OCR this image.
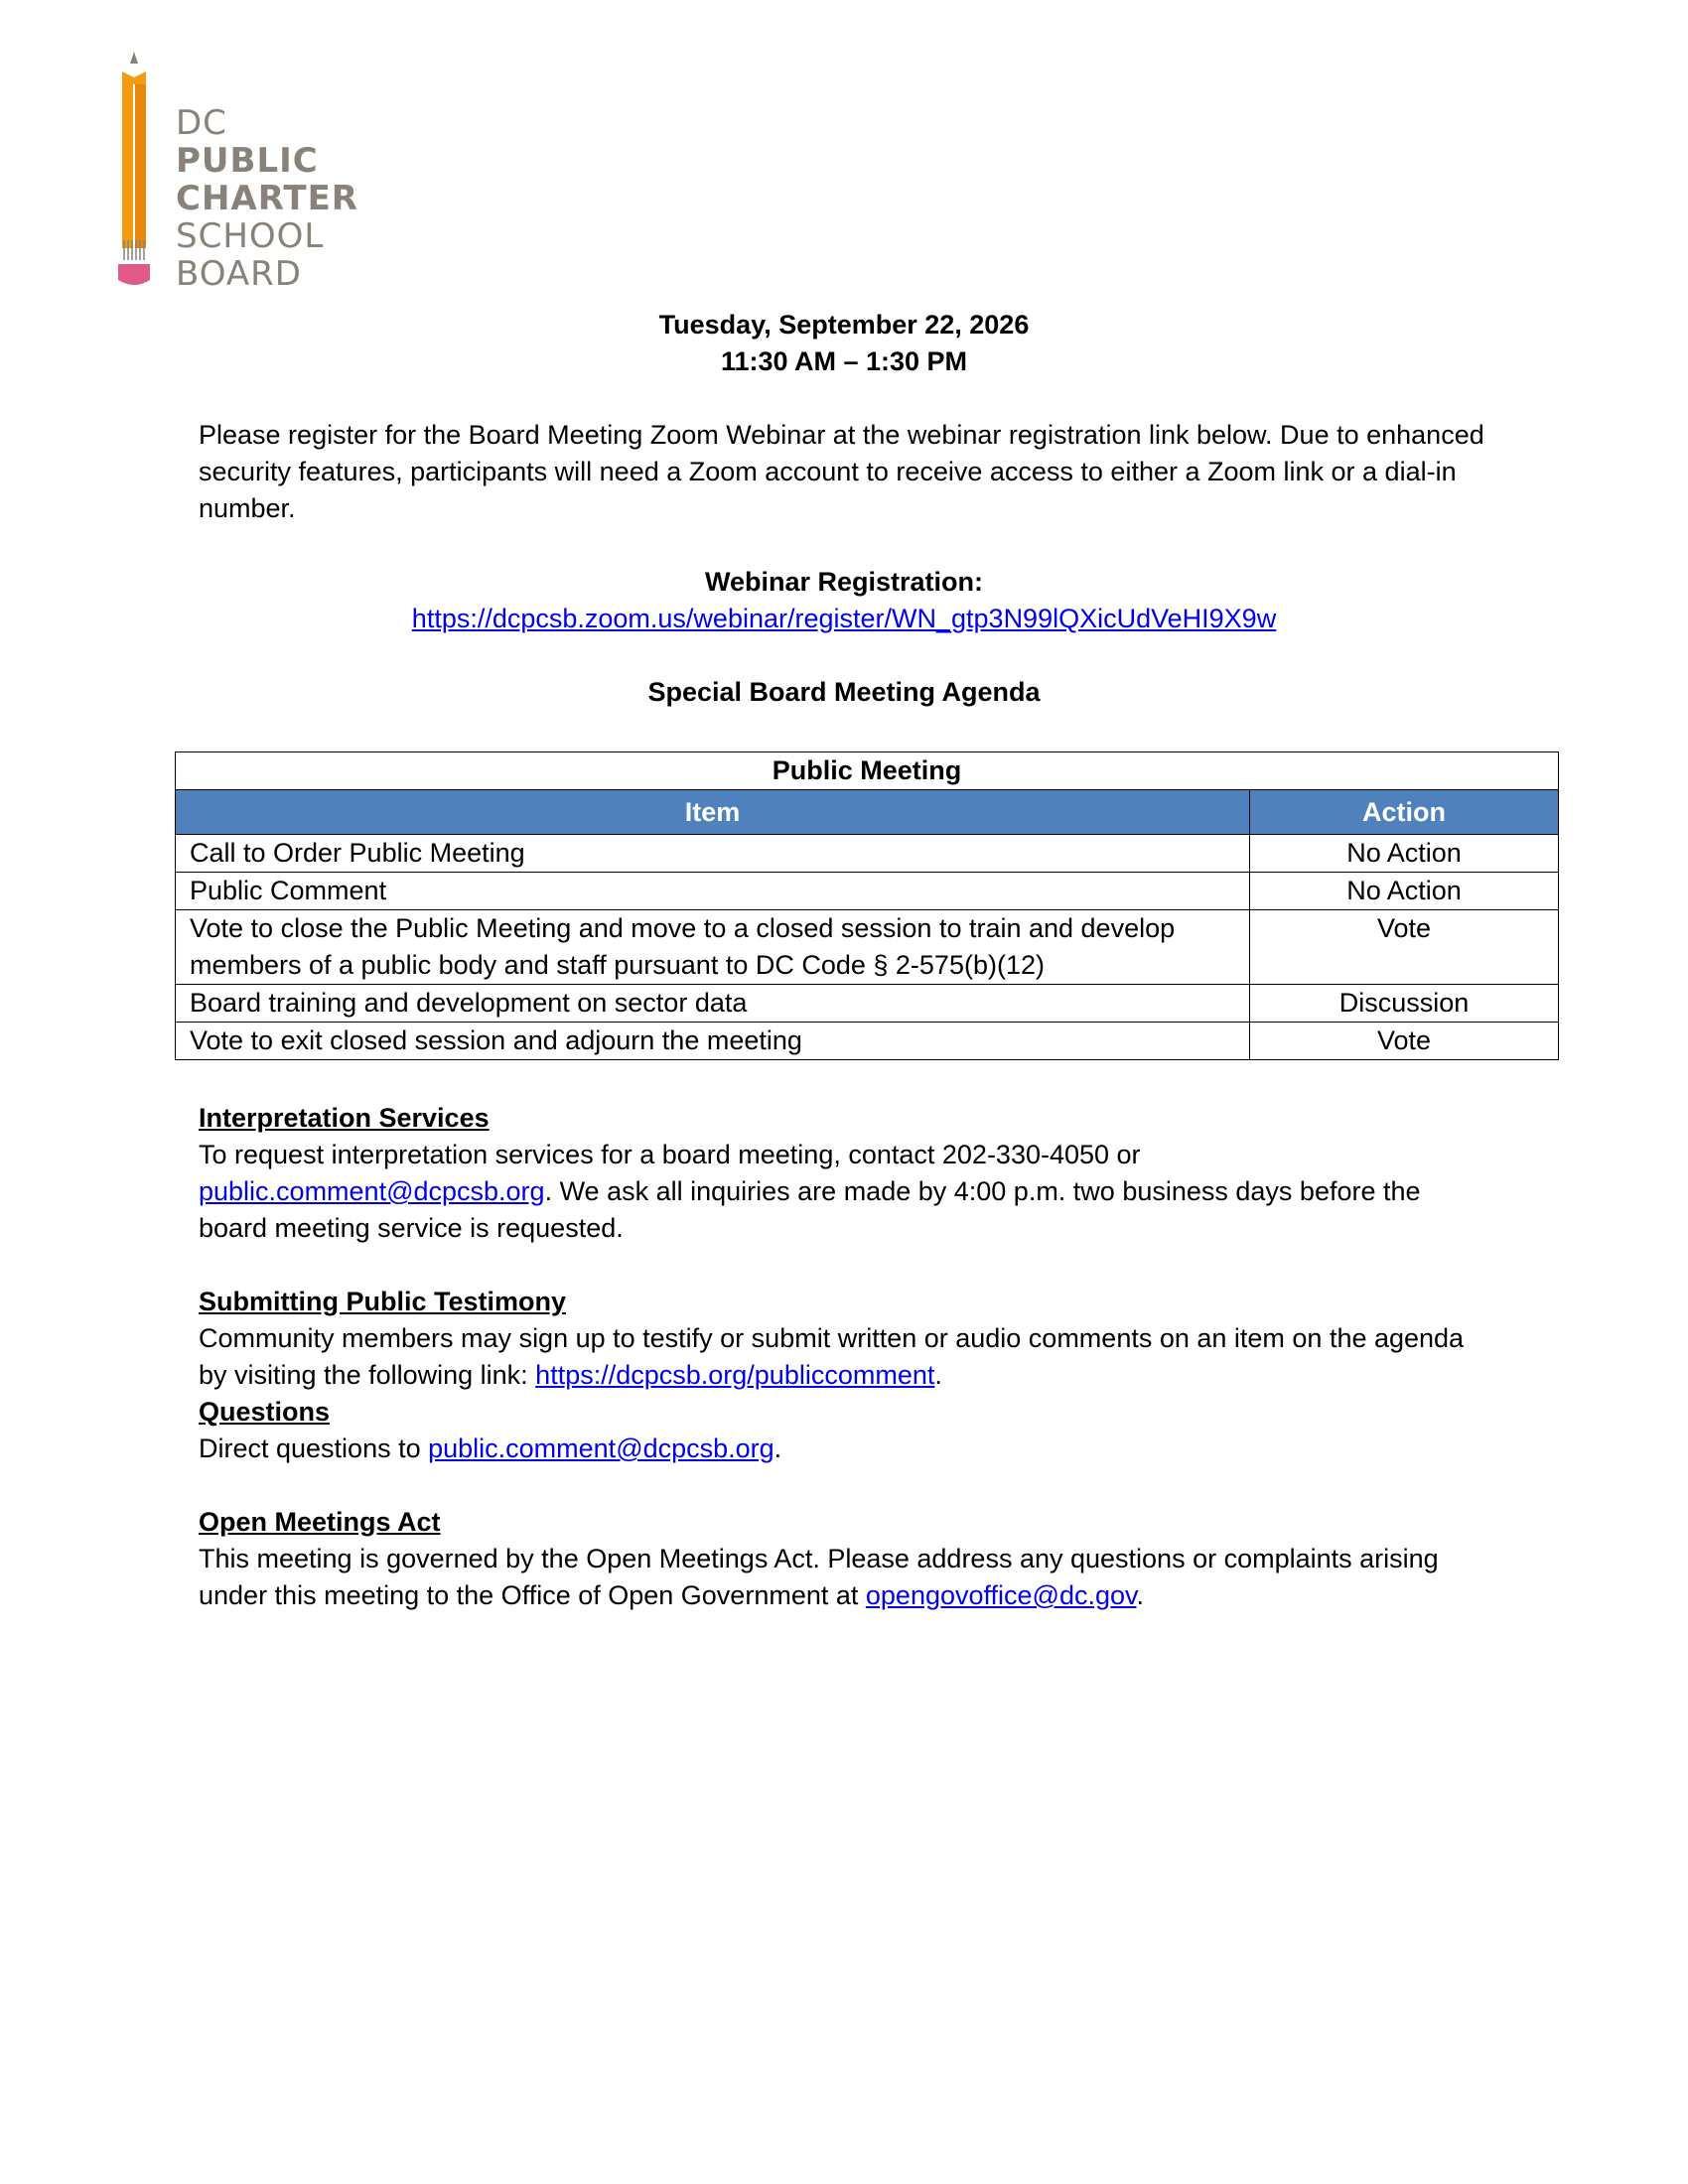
DC
PUBLIC
CHARTER
SCHOOL
BOARD
Tuesday, September 22, 2026
11:30 AM – 1:30 PM
Please register for the Board Meeting Zoom Webinar at the webinar registration link below. Due to enhanced security features, participants will need a Zoom account to receive access to either a Zoom link or a dial-in number.
Webinar Registration:
https://dcpcsb.zoom.us/webinar/register/WN_gtp3N99lQXicUdVeHI9X9w
Special Board Meeting Agenda
Public Meeting	
Item	Action
Call to Order Public Meeting	No Action
Public Comment	No Action
Vote to close the Public Meeting and move to a closed session to train and develop members of a public body and staff pursuant to DC Code § 2-575(b)(12)	Vote
Board training and development on sector data	Discussion
Vote to exit closed session and adjourn the meeting	Vote
Interpretation Services
To request interpretation services for a board meeting, contact 202-330-4050 or
public.comment@dcpcsb.org. We ask all inquiries are made by 4:00 p.m. two business days before the board meeting service is requested.
Submitting Public Testimony
Community members may sign up to testify or submit written or audio comments on an item on the agenda by visiting the following link: https://dcpcsb.org/publiccomment.
Questions
Direct questions to public.comment@dcpcsb.org.
Open Meetings Act
This meeting is governed by the Open Meetings Act. Please address any questions or complaints arising under this meeting to the Office of Open Government at opengovoffice@dc.gov.
